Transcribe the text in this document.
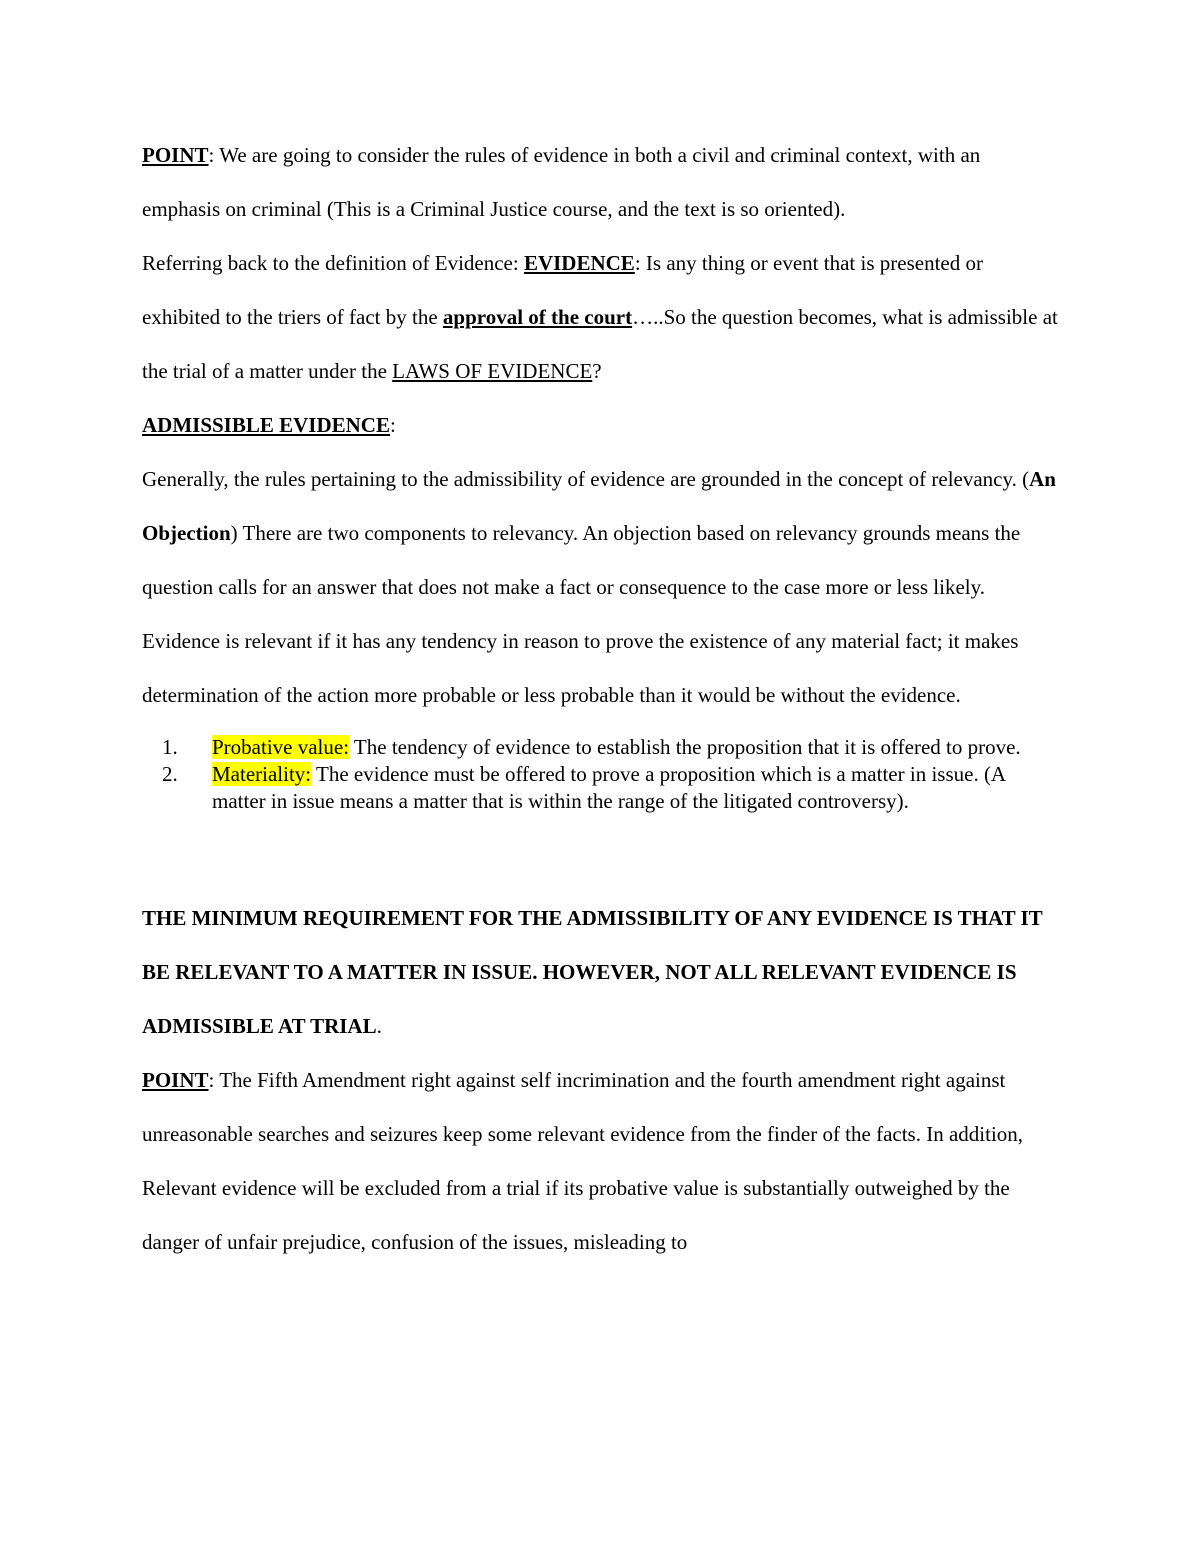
POINT: We are going to consider the rules of evidence in both a civil and criminal context, with an emphasis on criminal (This is a Criminal Justice course, and the text is so oriented).

Referring back to the definition of Evidence: EVIDENCE: Is any thing or event that is presented or exhibited to the triers of fact by the approval of the court…..So the question becomes, what is admissible at the trial of a matter under the LAWS OF EVIDENCE?

ADMISSIBLE EVIDENCE:

Generally, the rules pertaining to the admissibility of evidence are grounded in the concept of relevancy. (An Objection) There are two components to relevancy. An objection based on relevancy grounds means the question calls for an answer that does not make a fact or consequence to the case more or less likely. Evidence is relevant if it has any tendency in reason to prove the existence of any material fact; it makes determination of the action more probable or less probable than it would be without the evidence.

1. Probative value: The tendency of evidence to establish the proposition that it is offered to prove.
2. Materiality: The evidence must be offered to prove a proposition which is a matter in issue. (A matter in issue means a matter that is within the range of the litigated controversy).

THE MINIMUM REQUIREMENT FOR THE ADMISSIBILITY OF ANY EVIDENCE IS THAT IT BE RELEVANT TO A MATTER IN ISSUE. HOWEVER, NOT ALL RELEVANT EVIDENCE IS ADMISSIBLE AT TRIAL.

POINT: The Fifth Amendment right against self incrimination and the fourth amendment right against unreasonable searches and seizures keep some relevant evidence from the finder of the facts. In addition, Relevant evidence will be excluded from a trial if its probative value is substantially outweighed by the danger of unfair prejudice, confusion of the issues, misleading to
